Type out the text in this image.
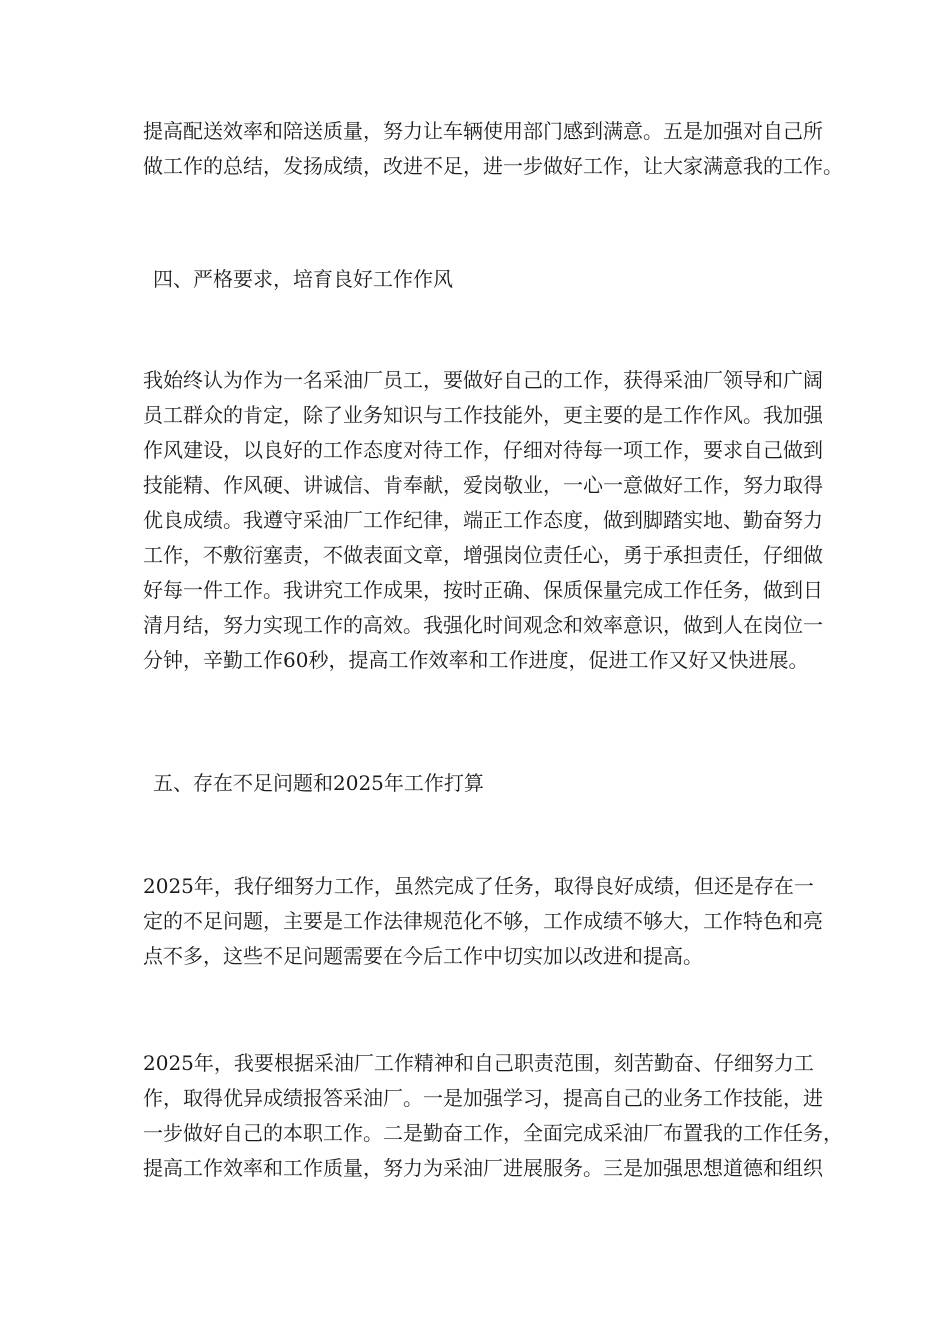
提高配送效率和陪送质量，努力让车辆使用部门感到满意。五是加强对自己所
做工作的总结，发扬成绩，改进不足，进一步做好工作，让大家满意我的工作。
四、严格要求，培育良好工作作风
我始终认为作为一名采油厂员工，要做好自己的工作，获得采油厂领导和广阔
员工群众的肯定，除了业务知识与工作技能外，更主要的是工作作风。我加强
作风建设，以良好的工作态度对待工作，仔细对待每一项工作，要求自己做到
技能精、作风硬、讲诚信、肯奉献，爱岗敬业，一心一意做好工作，努力取得
优良成绩。我遵守采油厂工作纪律，端正工作态度，做到脚踏实地、勤奋努力
工作，不敷衍塞责，不做表面文章，增强岗位责任心，勇于承担责任，仔细做
好每一件工作。我讲究工作成果，按时正确、保质保量完成工作任务，做到日
清月结，努力实现工作的高效。我强化时间观念和效率意识，做到人在岗位一
分钟，辛勤工作60秒，提高工作效率和工作进度，促进工作又好又快进展。
五、存在不足问题和2025年工作打算
2025年，我仔细努力工作，虽然完成了任务，取得良好成绩，但还是存在一
定的不足问题，主要是工作法律规范化不够，工作成绩不够大，工作特色和亮
点不多，这些不足问题需要在今后工作中切实加以改进和提高。
2025年，我要根据采油厂工作精神和自己职责范围，刻苦勤奋、仔细努力工
作，取得优异成绩报答采油厂。一是加强学习，提高自己的业务工作技能，进
一步做好自己的本职工作。二是勤奋工作，全面完成采油厂布置我的工作任务，
提高工作效率和工作质量，努力为采油厂进展服务。三是加强思想道德和组织
